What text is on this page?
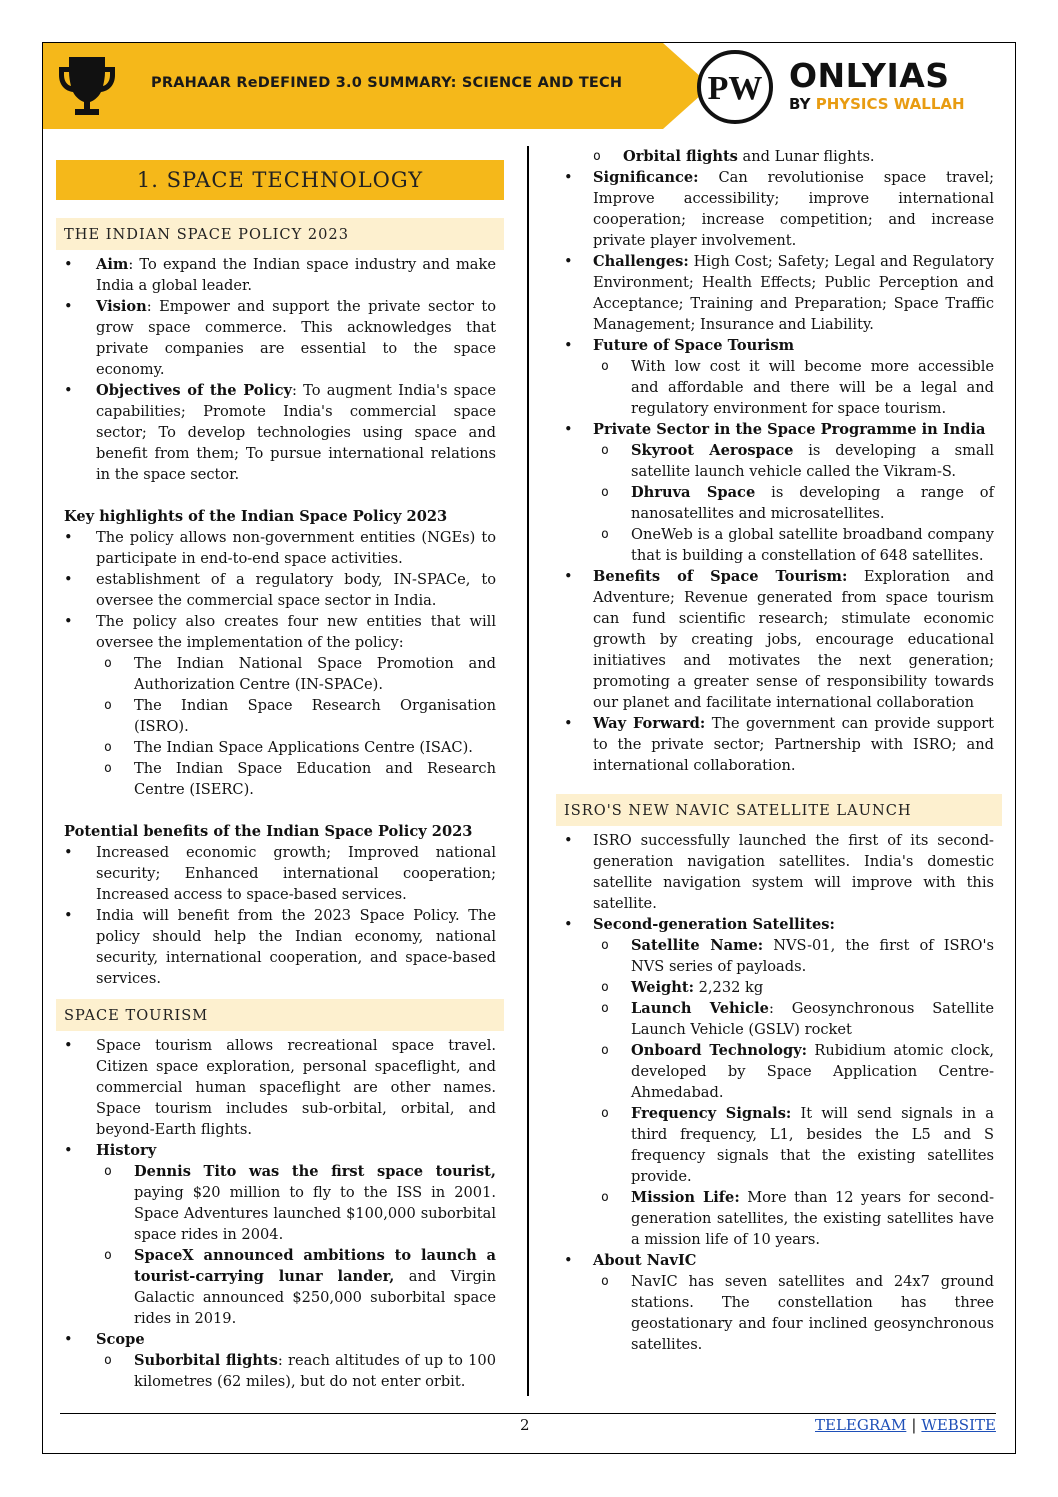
PRAHAAR ReDEFINED 3.0 SUMMARY: SCIENCE AND TECH	PW ONLYIAS
BY PHYSICS WALLAH
1. SPACE TECHNOLOGY
THE INDIAN SPACE POLICY 2023
• Aim: To expand the Indian space industry and make India a global leader.
• Vision: Empower and support the private sector to grow space commerce. This acknowledges that private companies are essential to the space economy.
• Objectives of the Policy: To augment India's space capabilities; Promote India's commercial space sector; To develop technologies using space and benefit from them; To pursue international relations in the space sector.
Key highlights of the Indian Space Policy 2023
• The policy allows non-government entities (NGEs) to participate in end-to-end space activities.
• establishment of a regulatory body, IN-SPACe, to oversee the commercial space sector in India.
• The policy also creates four new entities that will oversee the implementation of the policy:
o The Indian National Space Promotion and Authorization Centre (IN-SPACe).
o The Indian Space Research Organisation (ISRO).
o The Indian Space Applications Centre (ISAC).
o The Indian Space Education and Research Centre (ISERC).
Potential benefits of the Indian Space Policy 2023
• Increased economic growth; Improved national security; Enhanced international cooperation; Increased access to space-based services.
• India will benefit from the 2023 Space Policy. The policy should help the Indian economy, national security, international cooperation, and space-based services.
SPACE TOURISM
• Space tourism allows recreational space travel. Citizen space exploration, personal spaceflight, and commercial human spaceflight are other names. Space tourism includes sub-orbital, orbital, and beyond-Earth flights.
• History
o Dennis Tito was the first space tourist, paying $20 million to fly to the ISS in 2001. Space Adventures launched $100,000 suborbital space rides in 2004.
o SpaceX announced ambitions to launch a tourist-carrying lunar lander, and Virgin Galactic announced $250,000 suborbital space rides in 2019.
• Scope
o Suborbital flights: reach altitudes of up to 100 kilometres (62 miles), but do not enter orbit.
o Orbital flights and Lunar flights.
• Significance: Can revolutionise space travel; Improve accessibility; improve international cooperation; increase competition; and increase private player involvement.
• Challenges: High Cost; Safety; Legal and Regulatory Environment; Health Effects; Public Perception and Acceptance; Training and Preparation; Space Traffic Management; Insurance and Liability.
• Future of Space Tourism
o With low cost it will become more accessible and affordable and there will be a legal and regulatory environment for space tourism.
• Private Sector in the Space Programme in India
o Skyroot Aerospace is developing a small satellite launch vehicle called the Vikram-S.
o Dhruva Space is developing a range of nanosatellites and microsatellites.
o OneWeb is a global satellite broadband company that is building a constellation of 648 satellites.
• Benefits of Space Tourism: Exploration and Adventure; Revenue generated from space tourism can fund scientific research; stimulate economic growth by creating jobs, encourage educational initiatives and motivates the next generation; promoting a greater sense of responsibility towards our planet and facilitate international collaboration
• Way Forward: The government can provide support to the private sector; Partnership with ISRO; and international collaboration.
ISRO'S NEW NAVIC SATELLITE LAUNCH
• ISRO successfully launched the first of its second-generation navigation satellites. India's domestic satellite navigation system will improve with this satellite.
• Second-generation Satellites:
o Satellite Name: NVS-01, the first of ISRO's NVS series of payloads.
o Weight: 2,232 kg
o Launch Vehicle: Geosynchronous Satellite Launch Vehicle (GSLV) rocket
o Onboard Technology: Rubidium atomic clock, developed by Space Application Centre-Ahmedabad.
o Frequency Signals: It will send signals in a third frequency, L1, besides the L5 and S frequency signals that the existing satellites provide.
o Mission Life: More than 12 years for second-generation satellites, the existing satellites have a mission life of 10 years.
• About NavIC
o NavIC has seven satellites and 24x7 ground stations. The constellation has three geostationary and four inclined geosynchronous satellites.
2	TELEGRAM | WEBSITE
